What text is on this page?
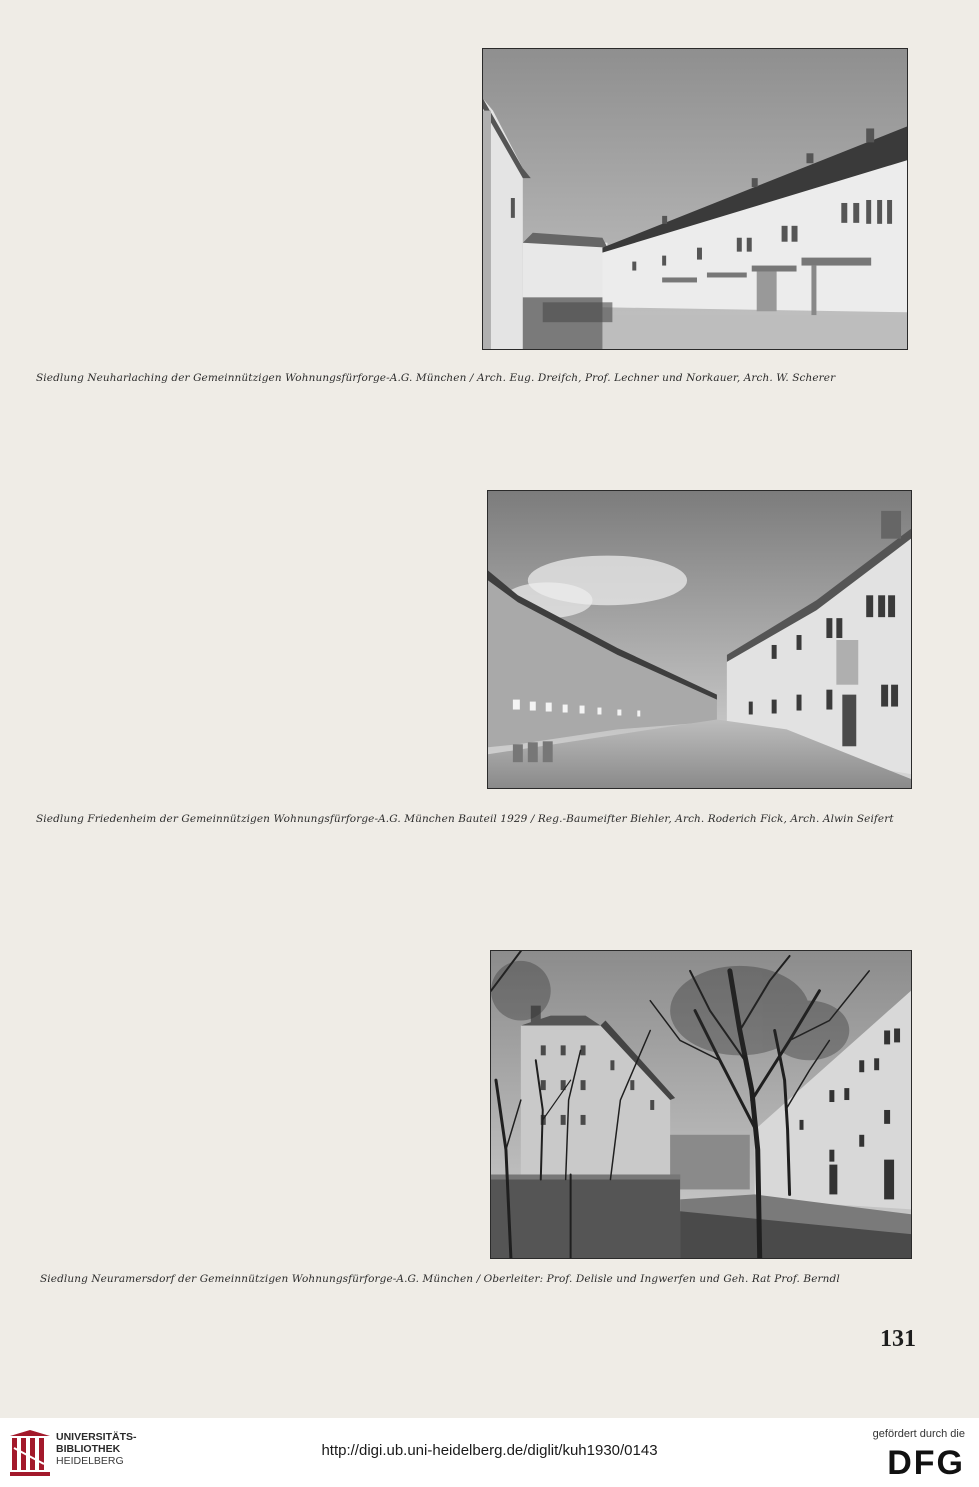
Siedlung Neuharlaching der Gemeinnützigen Wohnungsfürforge-A.G. München / Arch. Eug. Dreifch, Prof. Lechner und Norkauer, Arch. W. Scherer
Siedlung Friedenheim der Gemeinnützigen Wohnungsfürforge-A.G. München Bauteil 1929 / Reg.-Baumeifter Biehler, Arch. Roderich Fick, Arch. Alwin Seifert
Siedlung Neuramersdorf der Gemeinnützigen Wohnungsfürforge-A.G. München / Oberleiter: Prof. Delisle und Ingwerfen und Geh. Rat Prof. Berndl
131
UNIVERSITÄTS-
BIBLIOTHEK
HEIDELBERG
http://digi.ub.uni-heidelberg.de/diglit/kuh1930/0143
gefördert durch die
DFG
